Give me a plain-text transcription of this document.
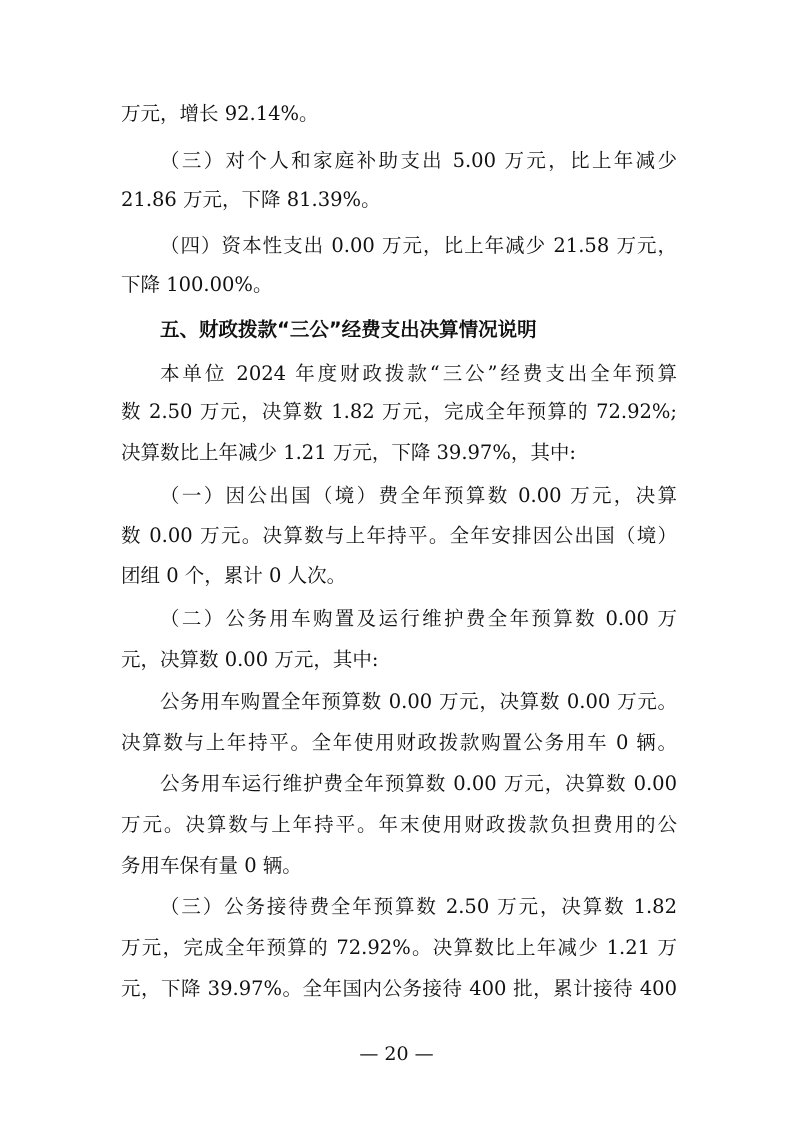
万元，增长 92.14%。
（三）对个人和家庭补助支出 5.00 万元，比上年减少
21.86 万元，下降 81.39%。
（四）资本性支出 0.00 万元，比上年减少 21.58 万元，
下降 100.00%。
五、财政拨款“三公”经费支出决算情况说明
本单位 2024 年度财政拨款“三公”经费支出全年预算
数 2.50 万元，决算数 1.82 万元，完成全年预算的 72.92%;
决算数比上年减少 1.21 万元，下降 39.97%，其中:
（一）因公出国（境）费全年预算数 0.00 万元，决算
数 0.00 万元。决算数与上年持平。全年安排因公出国（境）
团组 0 个，累计 0 人次。
（二）公务用车购置及运行维护费全年预算数 0.00 万
元，决算数 0.00 万元，其中:
公务用车购置全年预算数 0.00 万元，决算数 0.00 万元。
决算数与上年持平。全年使用财政拨款购置公务用车 0 辆。
公务用车运行维护费全年预算数 0.00 万元，决算数 0.00
万元。决算数与上年持平。年末使用财政拨款负担费用的公
务用车保有量 0 辆。
（三）公务接待费全年预算数 2.50 万元，决算数 1.82
万元，完成全年预算的 72.92%。决算数比上年减少 1.21 万
元，下降 39.97%。全年国内公务接待 400 批，累计接待 400
— 20 —
